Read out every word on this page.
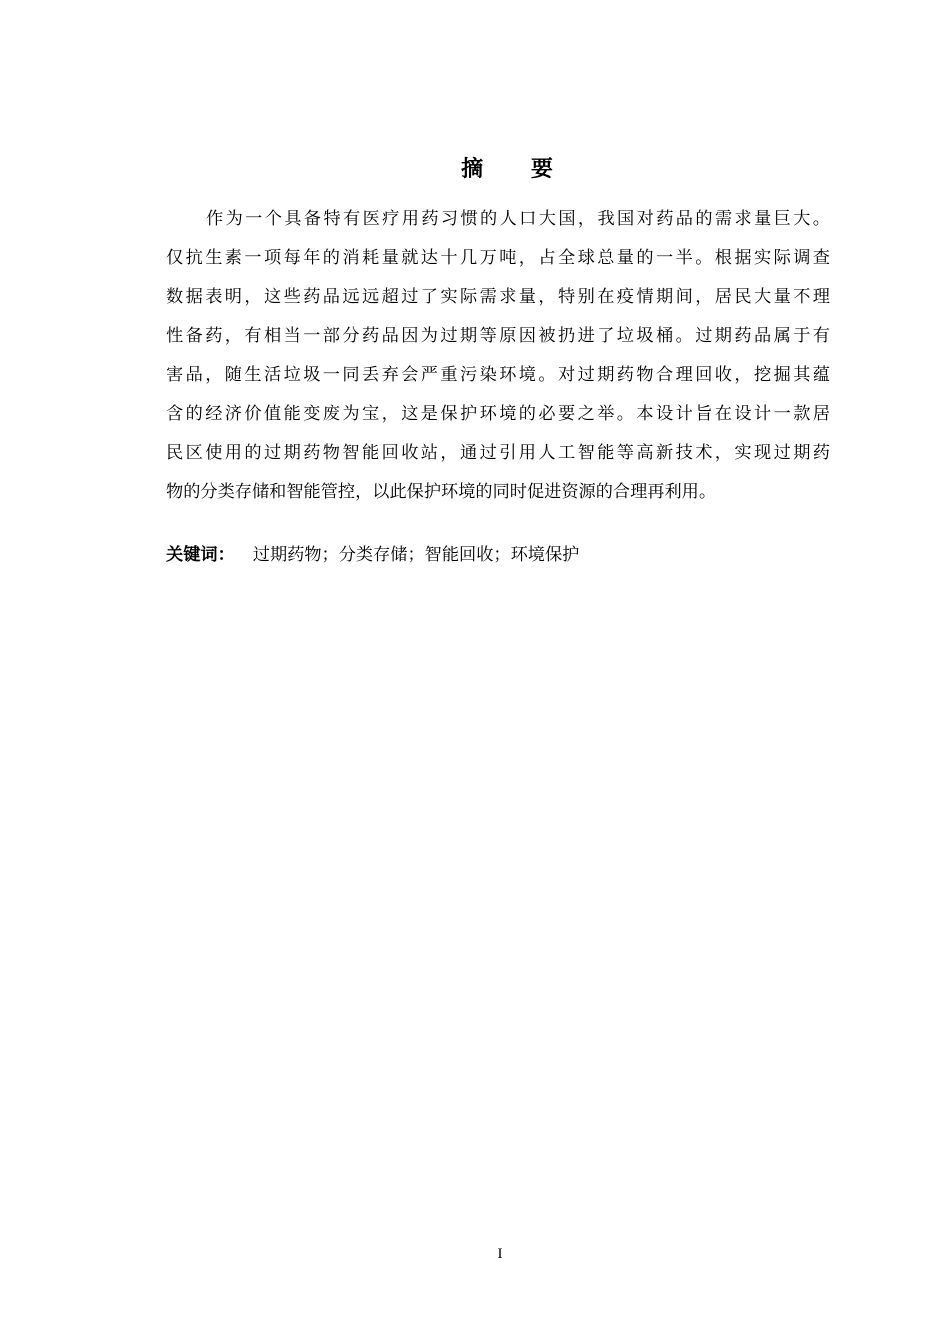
摘 要
作为一个具备特有医疗用药习惯的人口大国，我国对药品的需求量巨大。
仅抗生素一项每年的消耗量就达十几万吨，占全球总量的一半。根据实际调查
数据表明，这些药品远远超过了实际需求量，特别在疫情期间，居民大量不理
性备药，有相当一部分药品因为过期等原因被扔进了垃圾桶。过期药品属于有
害品，随生活垃圾一同丢弃会严重污染环境。对过期药物合理回收，挖掘其蕴
含的经济价值能变废为宝，这是保护环境的必要之举。本设计旨在设计一款居
民区使用的过期药物智能回收站，通过引用人工智能等高新技术，实现过期药
物的分类存储和智能管控，以此保护环境的同时促进资源的合理再利用。
关键词： 过期药物；分类存储；智能回收；环境保护
I
